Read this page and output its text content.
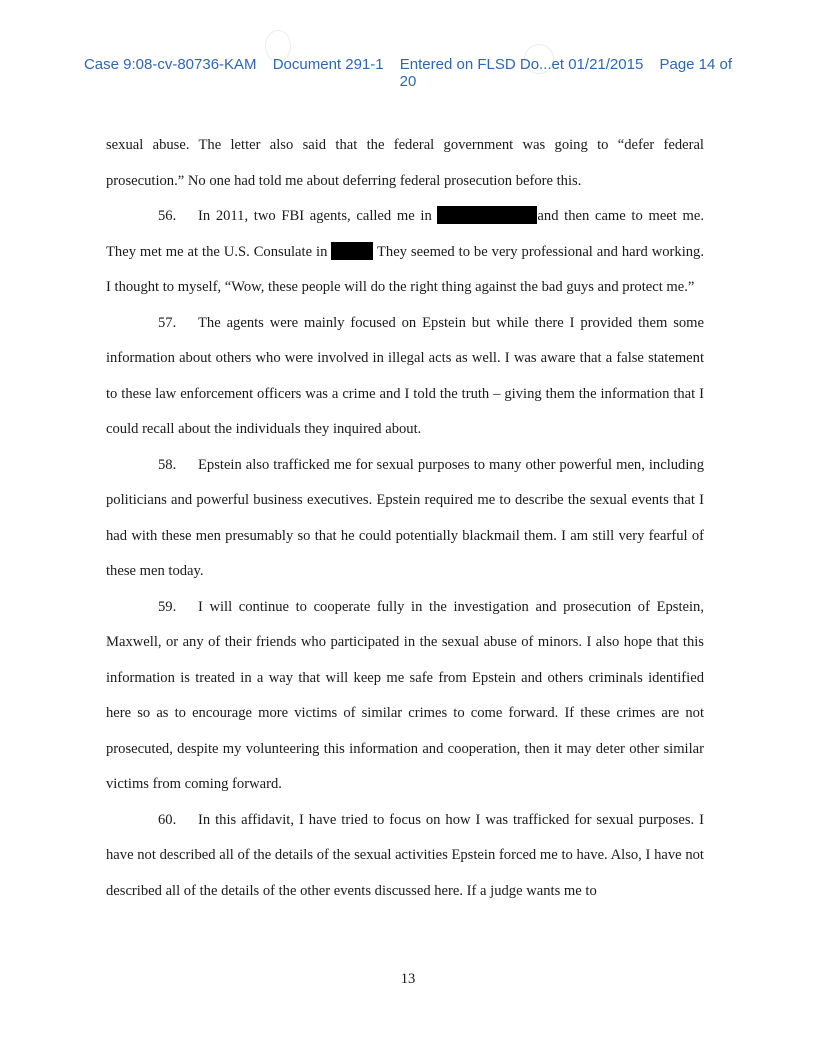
Case 9:08-cv-80736-KAM Document 291-1 Entered on FLSD Do...et 01/21/2015 Page 14 of
20

sexual abuse. The letter also said that the federal government was going to “defer federal prosecution.” No one had told me about deferring federal prosecution before this.

56. In 2011, two FBI agents, called me in	and then came to meet me. They met me at the U.S. Consulate in	They seemed to be very professional and hard working. I thought to myself, “Wow, these people will do the right thing against the bad guys and protect me.”

57. The agents were mainly focused on Epstein but while there I provided them some information about others who were involved in illegal acts as well. I was aware that a false statement to these law enforcement officers was a crime and I told the truth – giving them the information that I could recall about the individuals they inquired about.

58. Epstein also trafficked me for sexual purposes to many other powerful men, including politicians and powerful business executives. Epstein required me to describe the sexual events that I had with these men presumably so that he could potentially blackmail them. I am still very fearful of these men today.

59. I will continue to cooperate fully in the investigation and prosecution of Epstein, Maxwell, or any of their friends who participated in the sexual abuse of minors. I also hope that this information is treated in a way that will keep me safe from Epstein and others criminals identified here so as to encourage more victims of similar crimes to come forward. If these crimes are not prosecuted, despite my volunteering this information and cooperation, then it may deter other similar victims from coming forward.

60. In this affidavit, I have tried to focus on how I was trafficked for sexual purposes. I have not described all of the details of the sexual activities Epstein forced me to have. Also, I have not described all of the details of the other events discussed here. If a judge wants me to

13
